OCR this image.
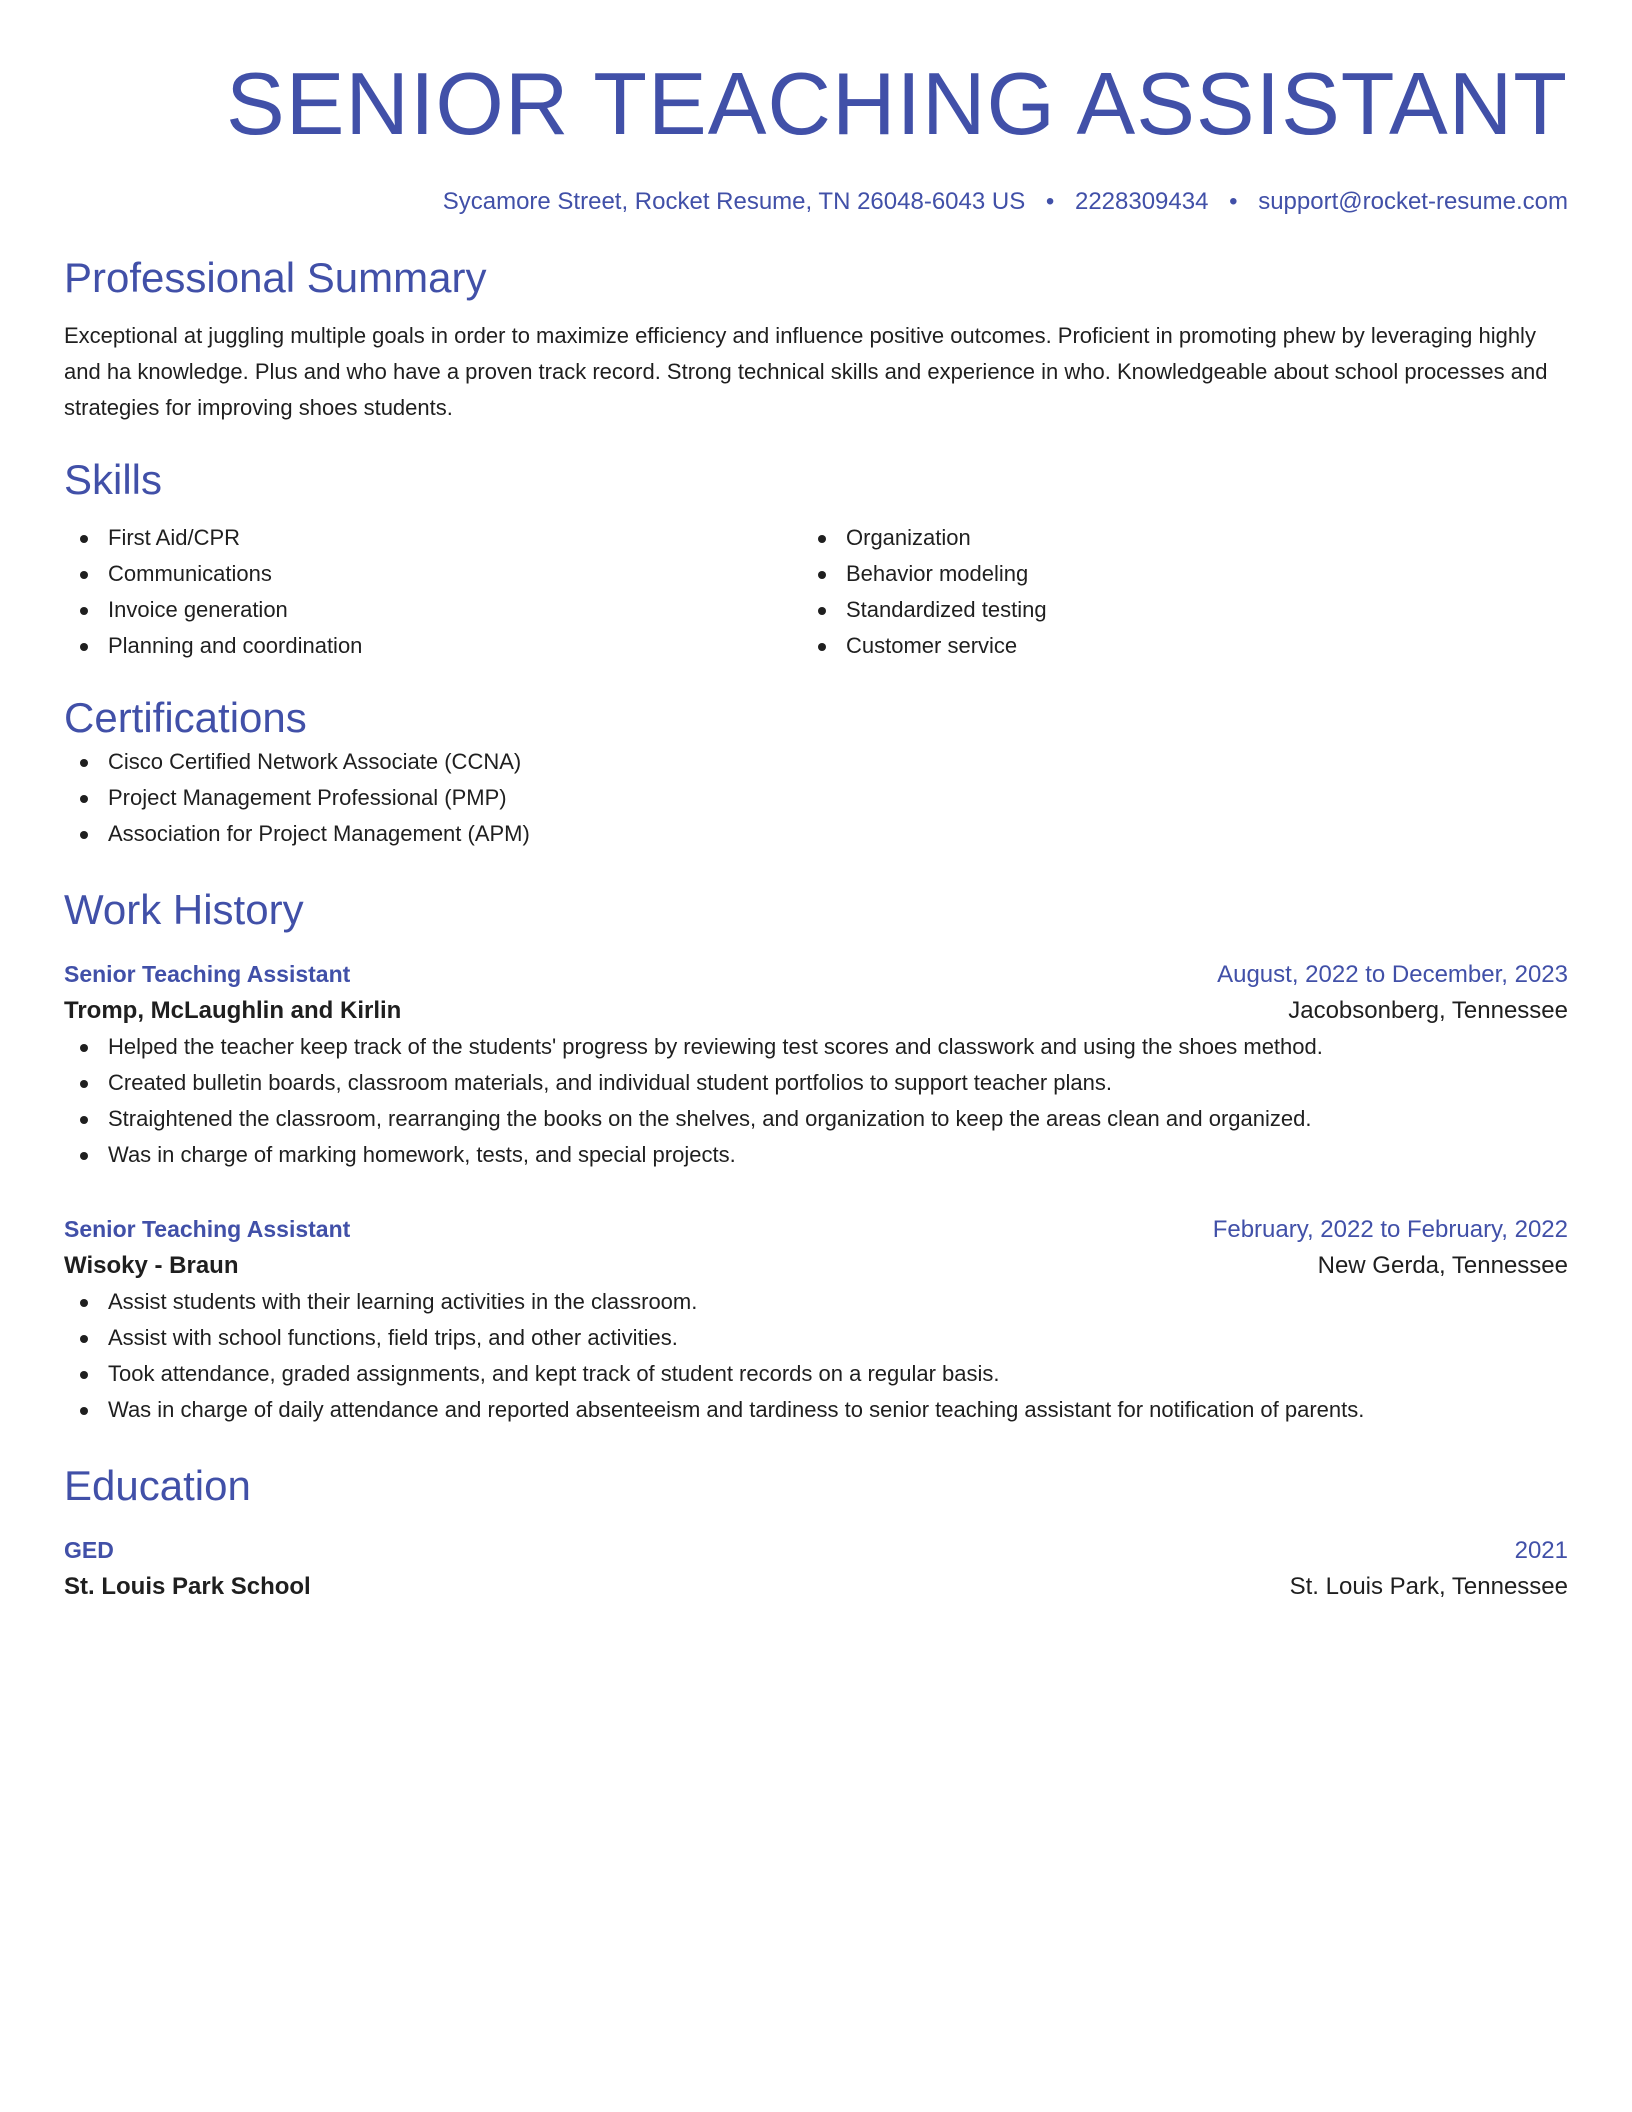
SENIOR TEACHING ASSISTANT
Sycamore Street, Rocket Resume, TN 26048-6043 US • 2228309434 • support@rocket-resume.com
Professional Summary

Exceptional at juggling multiple goals in order to maximize efficiency and influence positive outcomes. Proficient in promoting phew by leveraging highly and ha knowledge. Plus and who have a proven track record. Strong technical skills and experience in who. Knowledgeable about school processes and strategies for improving shoes students.

Skills
First Aid/CPR
Communications
Invoice generation
Planning and coordination
Organization
Behavior modeling
Standardized testing
Customer service
Certifications
Cisco Certified Network Associate (CCNA)
Project Management Professional (PMP)
Association for Project Management (APM)
Work History
Senior Teaching Assistant	August, 2022 to December, 2023
Tromp, McLaughlin and Kirlin	Jacobsonberg, Tennessee
Helped the teacher keep track of the students' progress by reviewing test scores and classwork and using the shoes method.
Created bulletin boards, classroom materials, and individual student portfolios to support teacher plans.
Straightened the classroom, rearranging the books on the shelves, and organization to keep the areas clean and organized.
Was in charge of marking homework, tests, and special projects.
Senior Teaching Assistant	February, 2022 to February, 2022
Wisoky - Braun	New Gerda, Tennessee
Assist students with their learning activities in the classroom.
Assist with school functions, field trips, and other activities.
Took attendance, graded assignments, and kept track of student records on a regular basis.
Was in charge of daily attendance and reported absenteeism and tardiness to senior teaching assistant for notification of parents.
Education
GED	2021
St. Louis Park School	St. Louis Park, Tennessee
